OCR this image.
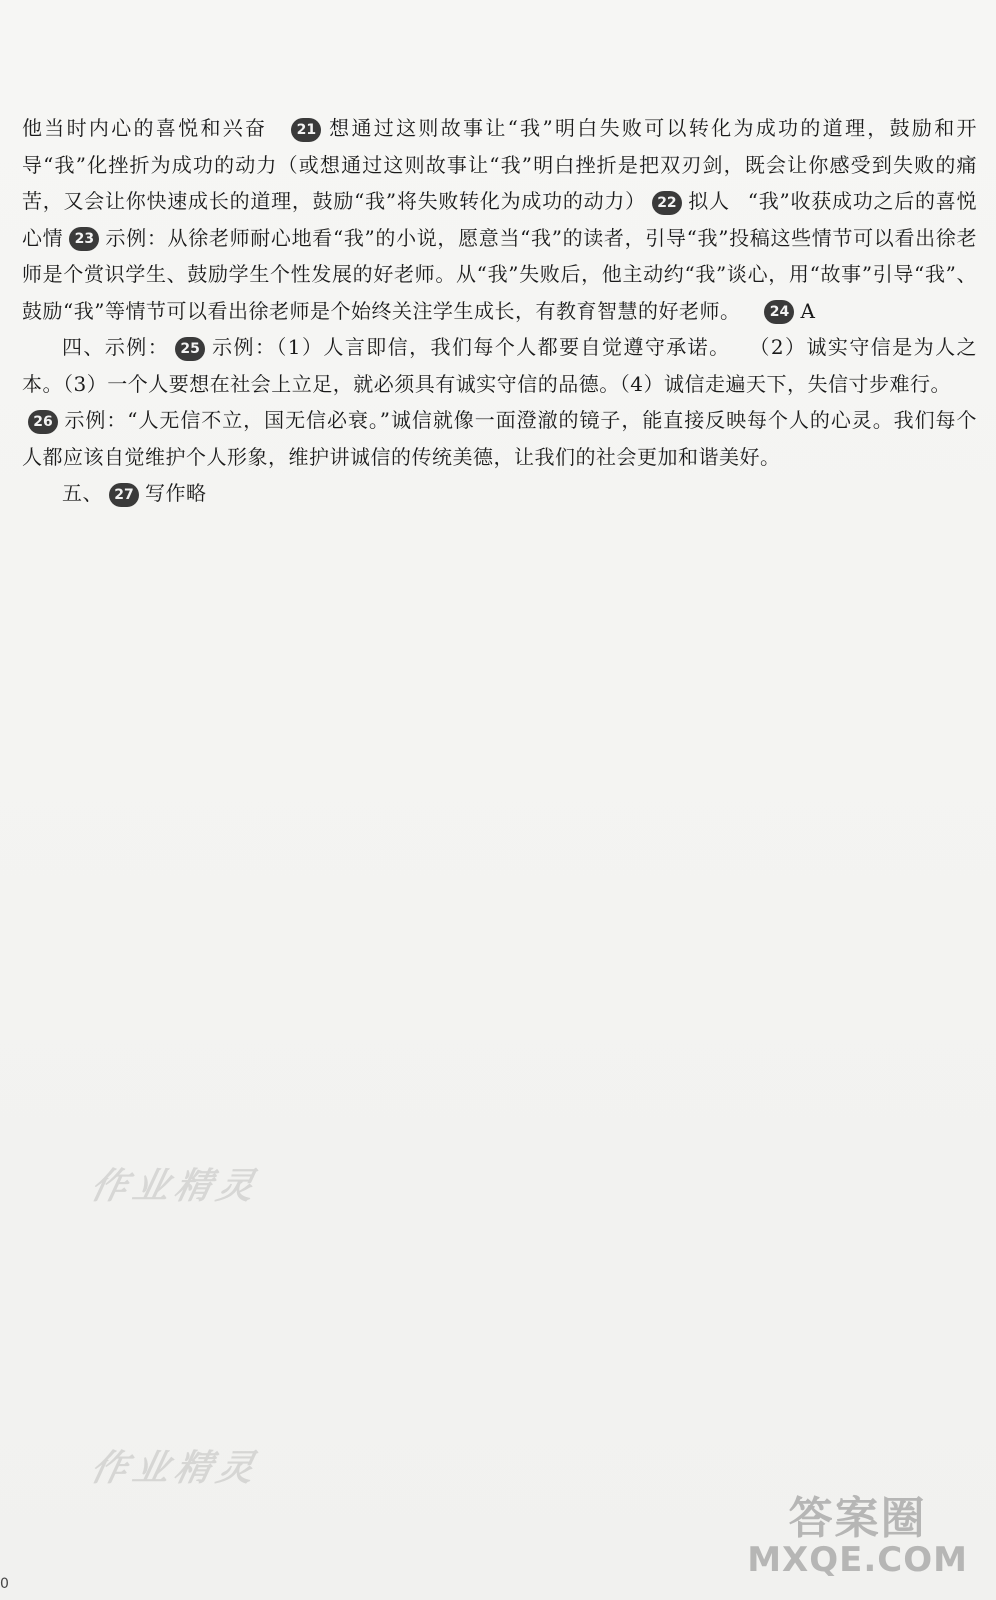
他当时内心的喜悦和兴奋 21 想通过这则故事让“我”明白失败可以转化为成功的道理，鼓励和开导“我”化挫折为成功的动力（或想通过这则故事让“我”明白挫折是把双刃剑，既会让你感受到失败的痛苦，又会让你快速成长的道理，鼓励“我”将失败转化为成功的动力） 22 拟人 “我”收获成功之后的喜悦心情 23 示例：从徐老师耐心地看“我”的小说，愿意当“我”的读者，引导“我”投稿这些情节可以看出徐老师是个赏识学生、鼓励学生个性发展的好老师。从“我”失败后，他主动约“我”谈心，用“故事”引导“我”、鼓励“我”等情节可以看出徐老师是个始终关注学生成长，有教育智慧的好老师。 24 A

四、示例： 25 示例：（1）人言即信，我们每个人都要自觉遵守承诺。 （2）诚实守信是为人之本。（3）一个人要想在社会上立足，就必须具有诚实守信的品德。（4）诚信走遍天下，失信寸步难行。

26 示例：“人无信不立，国无信必衰。”诚信就像一面澄澈的镜子，能直接反映每个人的心灵。我们每个人都应该自觉维护个人形象，维护讲诚信的传统美德，让我们的社会更加和谐美好。

五、 27 写作略

作业精灵
作业精灵
答案圈
MXQE.COM
0
